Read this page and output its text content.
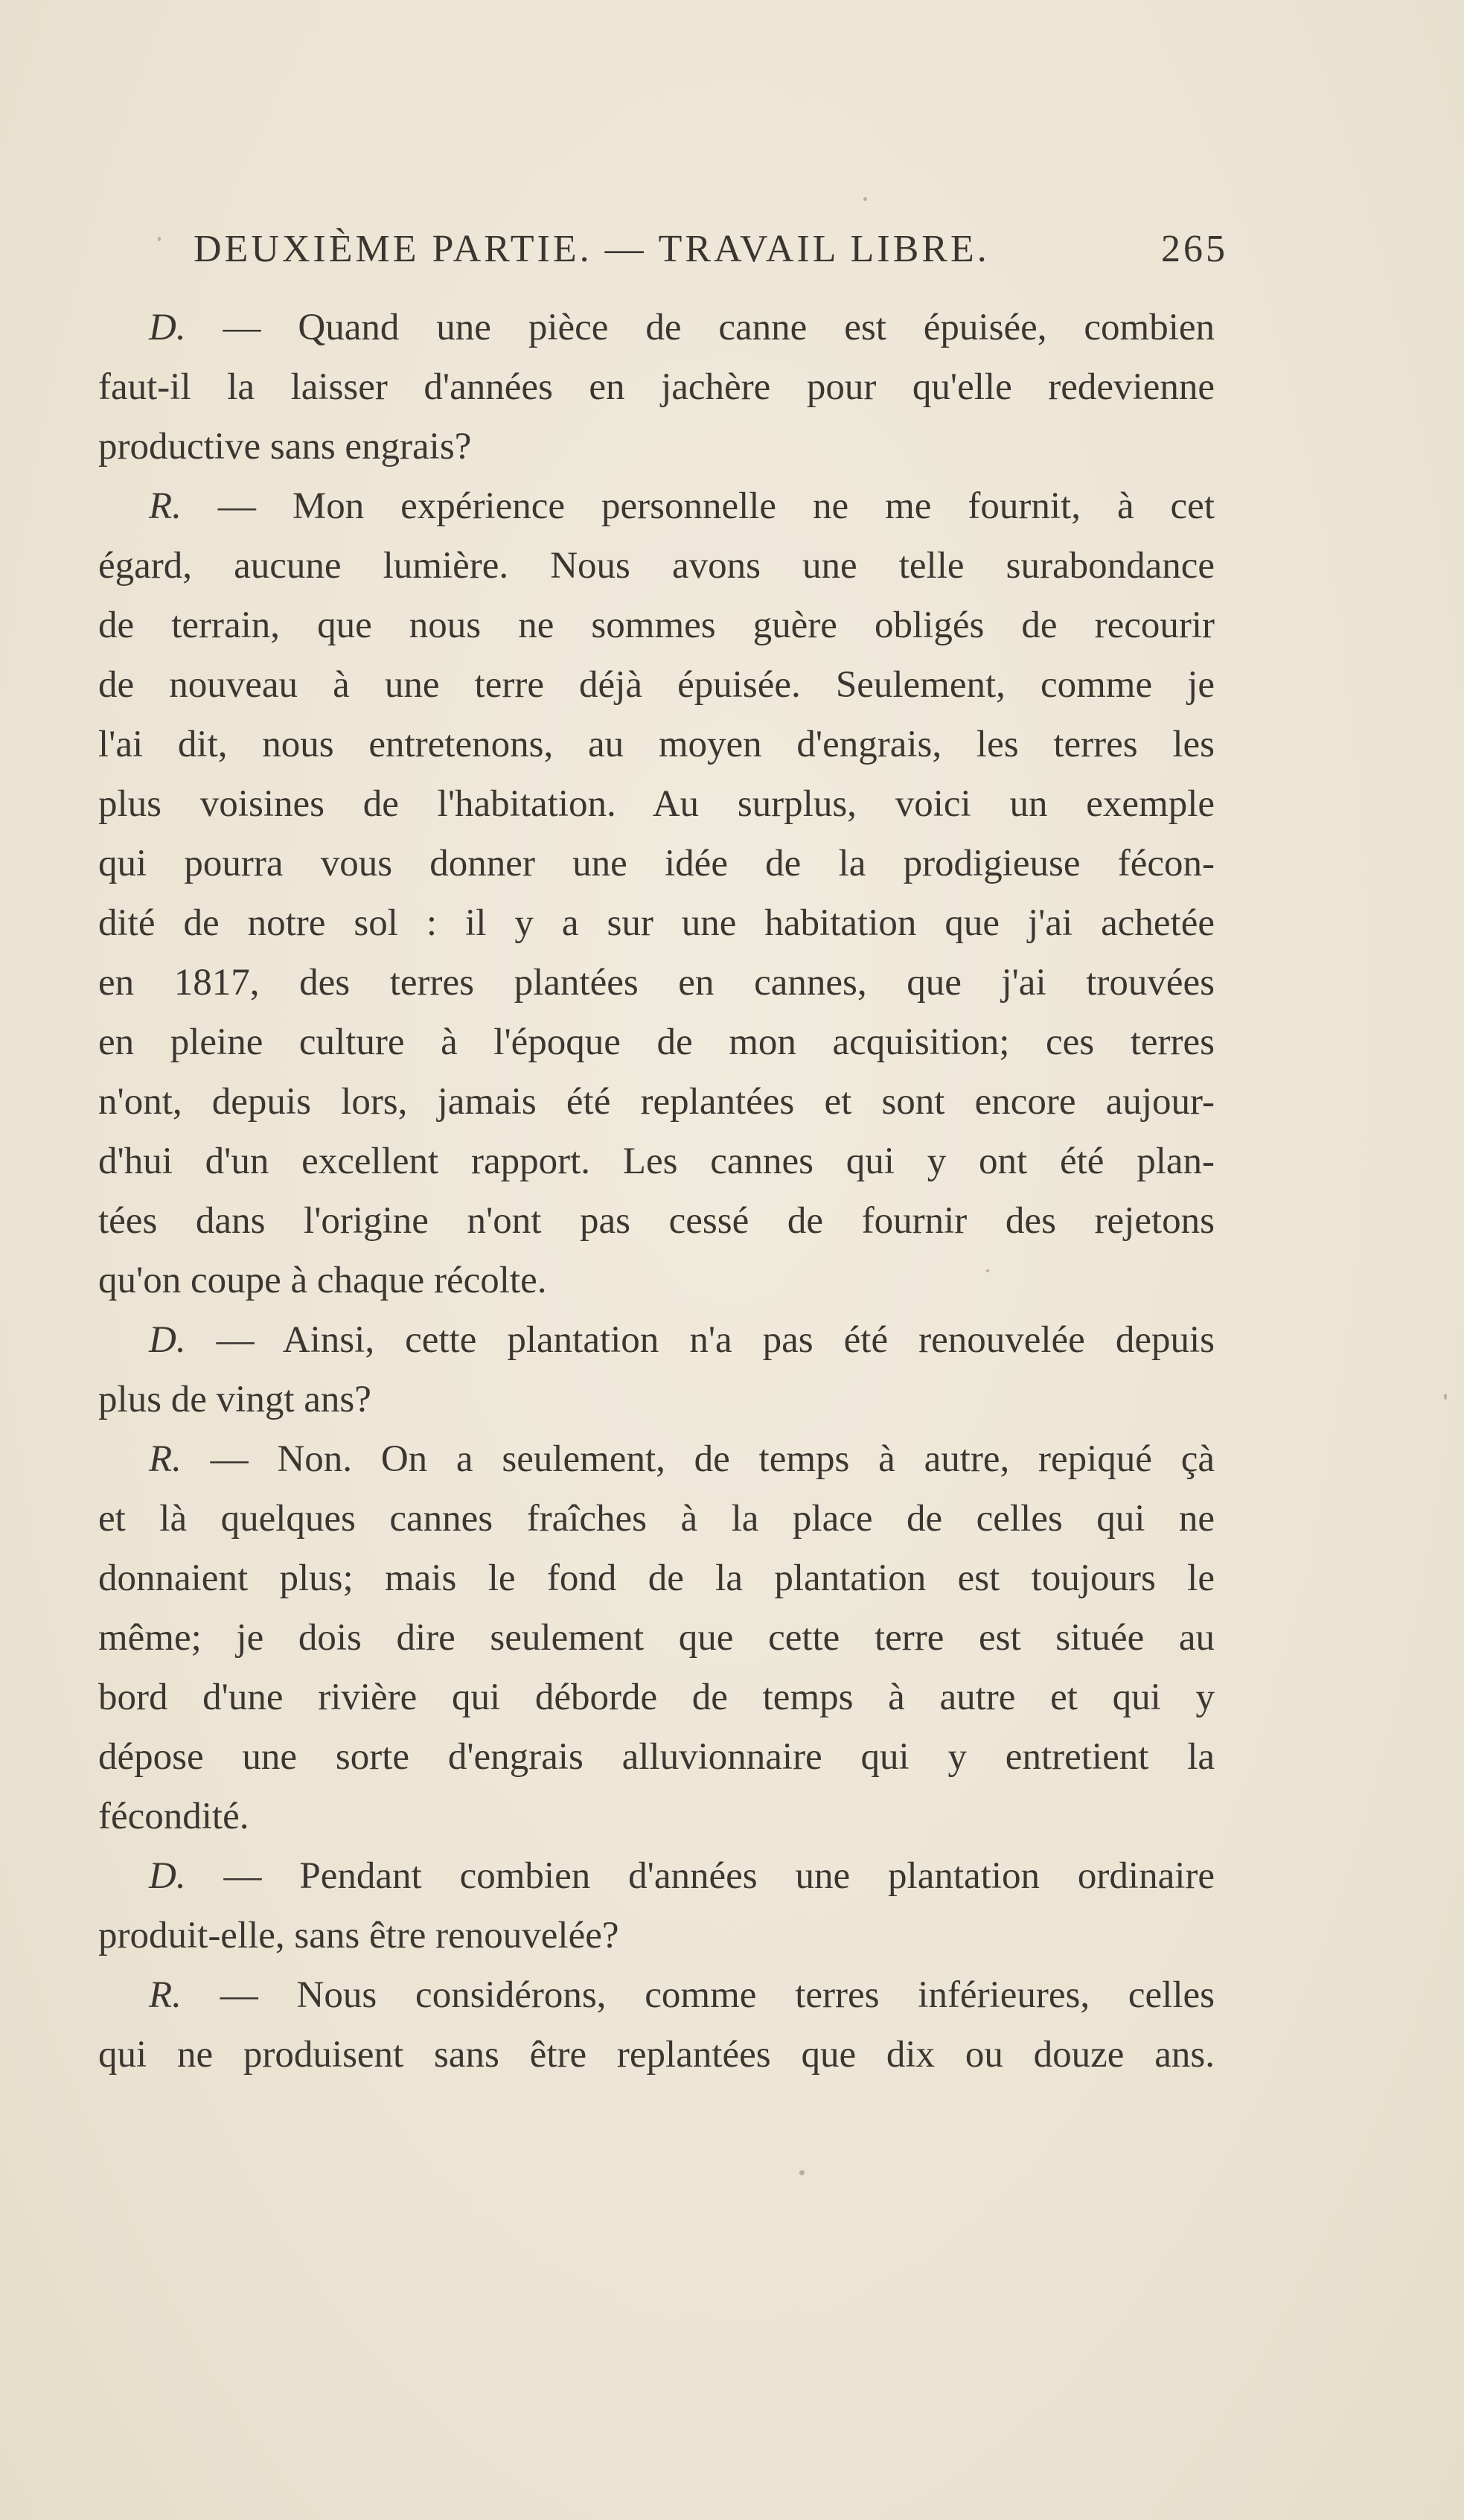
DEUXIÈME PARTIE. — TRAVAIL LIBRE.	265
D. — Quand une pièce de canne est épuisée, combien
faut-il la laisser d'années en jachère pour qu'elle redevienne
productive sans engrais?
R. — Mon expérience personnelle ne me fournit, à cet
égard, aucune lumière. Nous avons une telle surabondance
de terrain, que nous ne sommes guère obligés de recourir
de nouveau à une terre déjà épuisée. Seulement, comme je
l'ai dit, nous entretenons, au moyen d'engrais, les terres les
plus voisines de l'habitation. Au surplus, voici un exemple
qui pourra vous donner une idée de la prodigieuse fécon-
dité de notre sol : il y a sur une habitation que j'ai achetée
en 1817, des terres plantées en cannes, que j'ai trouvées
en pleine culture à l'époque de mon acquisition; ces terres
n'ont, depuis lors, jamais été replantées et sont encore aujour-
d'hui d'un excellent rapport. Les cannes qui y ont été plan-
tées dans l'origine n'ont pas cessé de fournir des rejetons
qu'on coupe à chaque récolte.
D. — Ainsi, cette plantation n'a pas été renouvelée depuis
plus de vingt ans?
R. — Non. On a seulement, de temps à autre, repiqué çà
et là quelques cannes fraîches à la place de celles qui ne
donnaient plus; mais le fond de la plantation est toujours le
même; je dois dire seulement que cette terre est située au
bord d'une rivière qui déborde de temps à autre et qui y
dépose une sorte d'engrais alluvionnaire qui y entretient la
fécondité.
D. — Pendant combien d'années une plantation ordinaire
produit-elle, sans être renouvelée?
R. — Nous considérons, comme terres inférieures, celles
qui ne produisent sans être replantées que dix ou douze ans.
